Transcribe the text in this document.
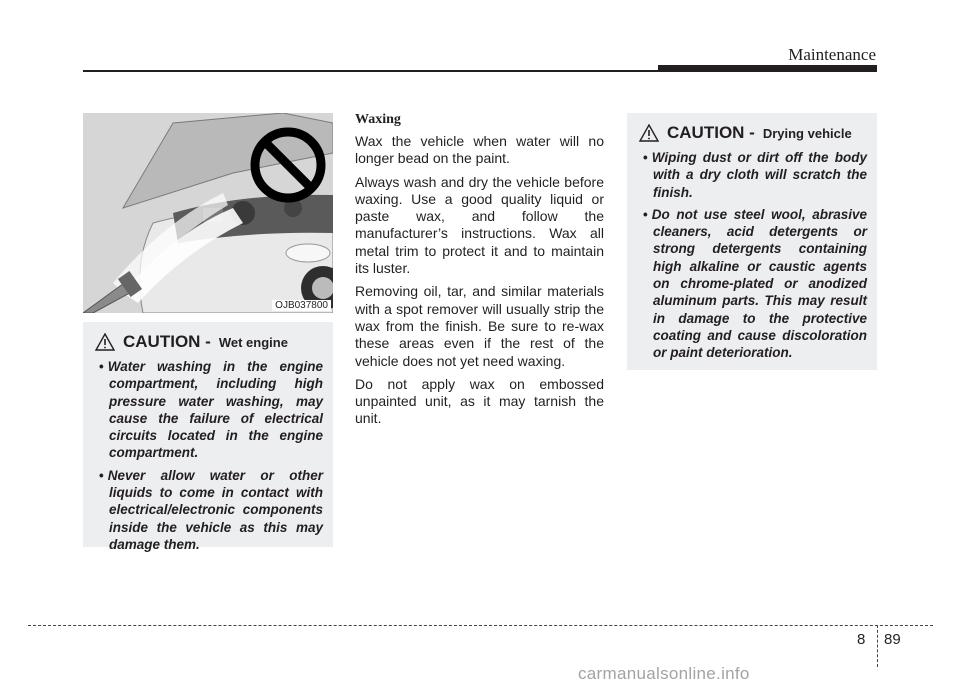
Maintenance
OJB037800
CAUTION - Wet engine
• Water washing in the engine compartment, including high pressure water washing, may cause the failure of electrical circuits located in the engine compartment.
• Never allow water or other liquids to come in contact with electrical/electronic components inside the vehicle as this may damage them.
Waxing

Wax the vehicle when water will no longer bead on the paint.

Always wash and dry the vehicle before waxing. Use a good quality liquid or paste wax, and follow the manufacturer’s instructions. Wax all metal trim to protect it and to maintain its luster.

Removing oil, tar, and similar materials with a spot remover will usually strip the wax from the finish. Be sure to re-wax these areas even if the rest of the vehicle does not yet need waxing.

Do not apply wax on embossed unpainted unit, as it may tarnish the unit.

CAUTION - Drying vehicle
• Wiping dust or dirt off the body with a dry cloth will scratch the finish.
• Do not use steel wool, abrasive cleaners, acid detergents or strong detergents containing high alkaline or caustic agents on chrome-plated or anodized aluminum parts. This may result in damage to the protective coating and cause discoloration or paint deterioration.
8 89
carmanualsonline.info
